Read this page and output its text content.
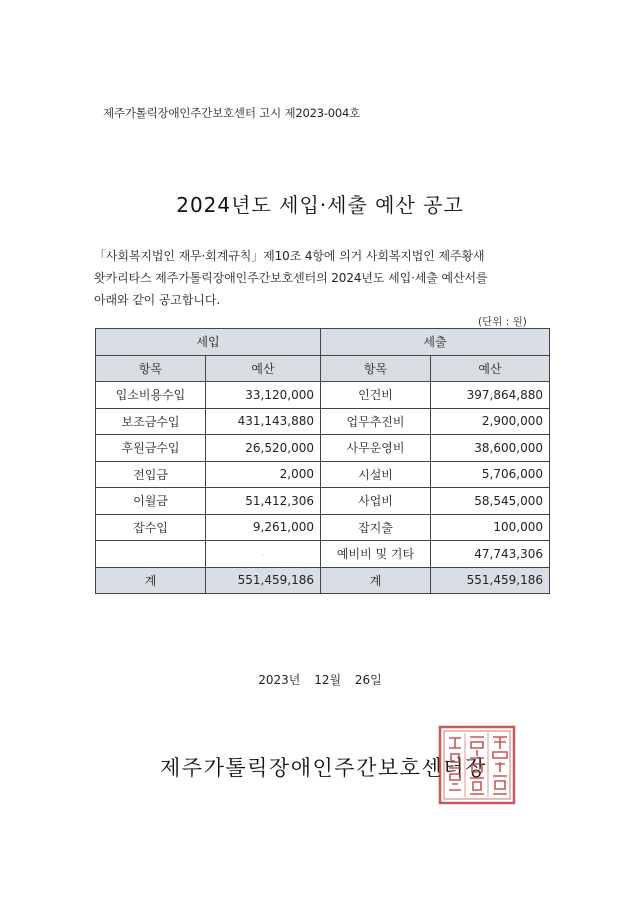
제주가톨릭장애인주간보호센터 고시 제2023-004호
2024년도 세입·세출 예산 공고
「사회복지법인 재무·회계규칙」제10조 4항에 의거 사회복지법인 제주황새
왓카리타스 제주가톨릭장애인주간보호센터의 2024년도 세입·세출 예산서를
아래와 같이 공고합니다.
(단위 : 원)
세입		세출	
항목	예산	항목	예산
입소비용수입	33,120,000	인건비	397,864,880
보조금수입	431,143,880	업무추진비	2,900,000
후원금수입	26,520,000	사무운영비	38,600,000
전입금	2,000	시설비	5,706,000
이월금	51,412,306	사업비	58,545,000
잡수입	9,261,000	잡지출	100,000
	·	예비비 및 기타	47,743,306
계	551,459,186	계	551,459,186
2023년 12월 26일
제주가톨릭장애인주간보호센터장
